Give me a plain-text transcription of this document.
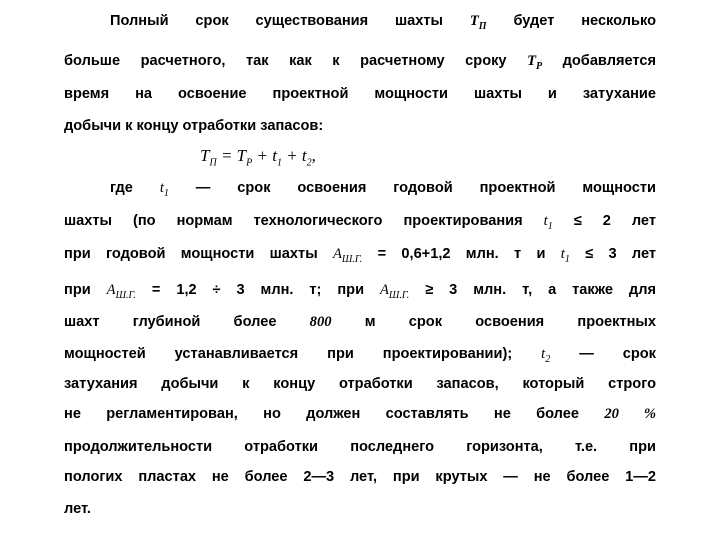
Полный срок существования шахты $T_П$ будет несколько
больше расчетного, так как к расчетному сроку $T_P$ добавляется
время на освоение проектной мощности шахты и затухание
добычи к концу отработки запасов:
$T_П = T_P + t_1 + t_2$,
где $t_1$ — срок освоения годовой проектной мощности
шахты (по нормам технологического проектирования $t_1 \le 2$ лет
при годовой мощности шахты $A_{Ш.Г.} = 0,6+1,2$ млн. т и $t_1 \le 3$ лет
при $A_{Ш.Г.} = 1,2 \div 3$ млн. т; при $A_{Ш.Г.} \ge 3$ млн. т, а также для
шахт глубиной более 800 м срок освоения проектных
мощностей устанавливается при проектировании); $t_2$ — срок
затухания добычи к концу отработки запасов, который строго
не регламентирован, но должен составлять не более 20 %
продолжительности отработки последнего горизонта, т.е. при
пологих пластах не более 2—3 лет, при крутых — не более 1—2
лет.
